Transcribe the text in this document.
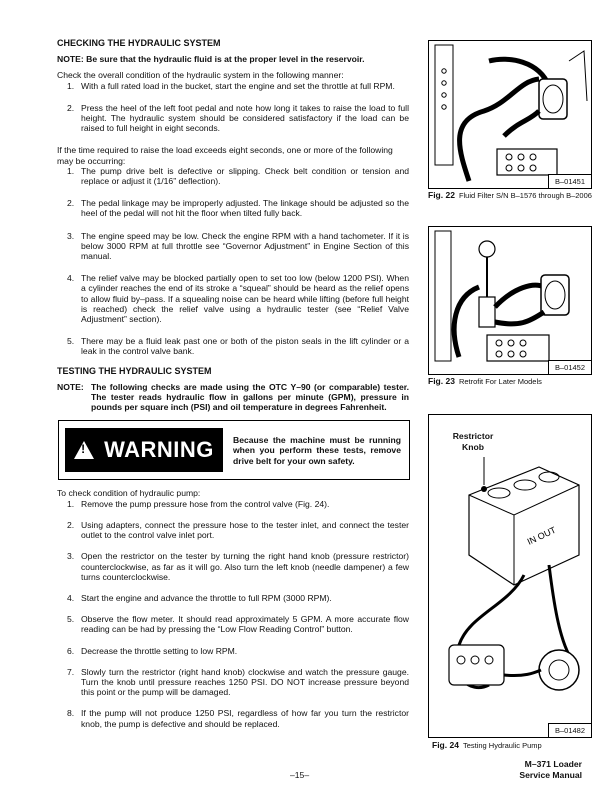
CHECKING THE HYDRAULIC SYSTEM
NOTE: Be sure that the hydraulic fluid is at the proper level in the reservoir.
Check the overall condition of the hydraulic system in the following manner:
1. With a full rated load in the bucket, start the engine and set the throttle at full RPM.
2. Press the heel of the left foot pedal and note how long it takes to raise the load to full height. The hydraulic system should be considered satisfactory if the load can be raised to full height in eight seconds.
If the time required to raise the load exceeds eight seconds, one or more of the following may be occurring:
1. The pump drive belt is defective or slipping. Check belt condition or tension and replace or adjust it (1/16” deflection).
2. The pedal linkage may be improperly adjusted. The linkage should be adjusted so the heel of the pedal will not hit the floor when tilted fully back.
3. The engine speed may be low. Check the engine RPM with a hand tachometer. If it is below 3000 RPM at full throttle see “Governor Adjustment” in Engine Section of this manual.
4. The relief valve may be blocked partially open to set too low (below 1200 PSI). When a cylinder reaches the end of its stroke a “squeal” should be heard as the relief opens to allow fluid by–pass. If a squealing noise can be heard while lifting (before full height is reached) check the relief valve using a hydraulic tester (see “Relief Valve Adjustment” section).
5. There may be a fluid leak past one or both of the piston seals in the lift cylinder or a leak in the control valve bank.
TESTING THE HYDRAULIC SYSTEM
NOTE: The following checks are made using the OTC Y–90 (or comparable) tester. The tester reads hydraulic flow in gallons per minute (GPM), pressure in pounds per square inch (PSI) and oil temperature in degrees Fahrenheit.
! WARNING	Because the machine must be running when you perform these tests, remove drive belt for your own safety.
To check condition of hydraulic pump:
1. Remove the pump pressure hose from the control valve (Fig. 24).
2. Using adapters, connect the pressure hose to the tester inlet, and connect the tester outlet to the control valve inlet port.
3. Open the restrictor on the tester by turning the right hand knob (pressure restrictor) counterclockwise, as far as it will go. Also turn the left knob (needle dampener) a few turns counterclockwise.
4. Start the engine and advance the throttle to full RPM (3000 RPM).
5. Observe the flow meter. It should read approximately 5 GPM. A more accurate flow reading can be had by pressing the “Low Flow Reading Control” button.
6. Decrease the throttle setting to low RPM.
7. Slowly turn the restrictor (right hand knob) clockwise and watch the pressure gauge. Turn the knob until pressure reaches 1250 PSI. DO NOT increase pressure beyond this point or the pump will be damaged.
8. If the pump will not produce 1250 PSI, regardless of how far you turn the restrictor knob, the pump is defective and should be replaced.
B–01451
Fig. 22 Fluid Filter S/N B–1576 through B–2006
B–01452
Fig. 23 Retrofit For Later Models
Restrictor Knob
IN OUT
B–01482
Fig. 24 Testing Hydraulic Pump
–15–
M–371 Loader
Service Manual
